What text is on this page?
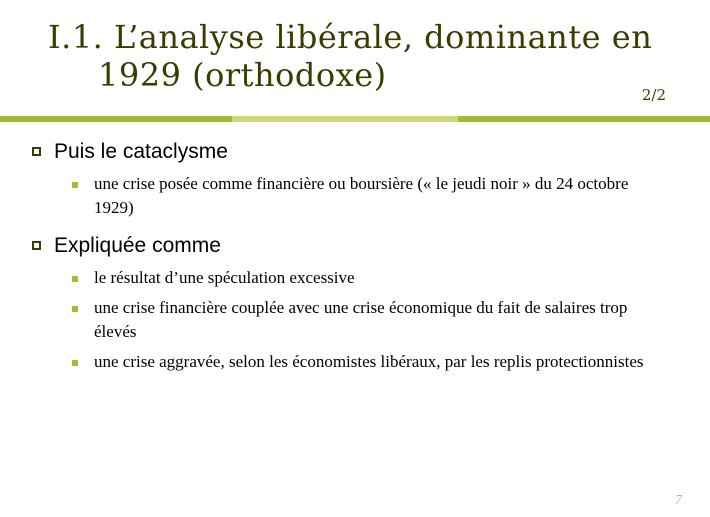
I.1. L’analyse libérale, dominante en
1929 (orthodoxe)
2/2
Puis le cataclysme
une crise posée comme financière ou boursière (« le jeudi noir » du 24 octobre 1929)
Expliquée comme
le résultat d’une spéculation excessive
une crise financière couplée avec une crise économique du fait de salaires trop élevés
une crise aggravée, selon les économistes libéraux, par les replis protectionnistes
7
